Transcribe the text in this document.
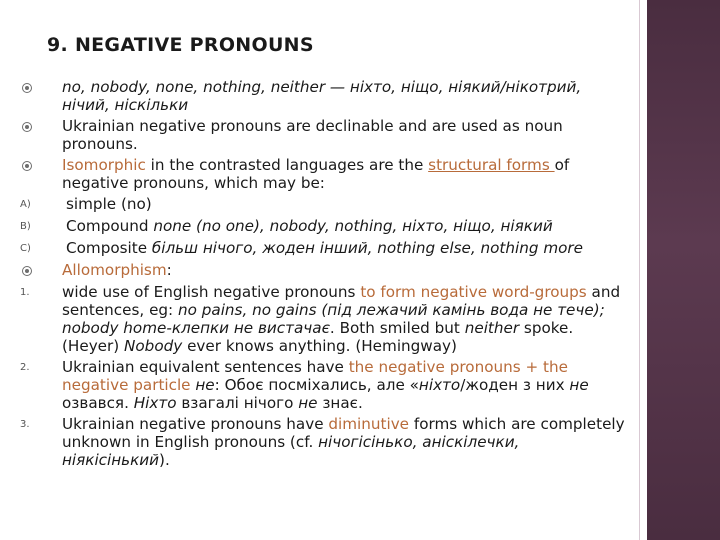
9. NEGATIVE PRONOUNS
no, nobody, none, nothing, neither — ніхто, ніщо, ніякий/нікотрий, нічий, ніскільки
Ukrainian negative pronouns are declinable and are used as noun pronouns.
Isomorphic in the contrasted languages are the structural forms of negative pronouns, which may be:
A)	simple (no)
B)	Compound none (no one), nobody, nothing, ніхто, ніщо, ніякий
C)	Composite більш нічого, жоден інший, nothing else, nothing more
Allomorphism:
1.	wide use of English negative pronouns to form negative word-groups and sentences, eg: no pains, no gains (під лежачий камінь вода не тече); nobody home-клепки не вистачає. Both smiled but neither spoke. (Heyer) Nobody ever knows anything. (Hemingway)
2.	Ukrainian equivalent sentences have the negative pronouns + the negative particle не: Обоє посміхались, але «ніхто/жоден з них не озвався. Ніхто взагалі нічого не знає.
3.	Ukrainian negative pronouns have diminutive forms which are completely unknown in English pronouns (cf. нічогісінько, аніскілечки, ніякісінький).
